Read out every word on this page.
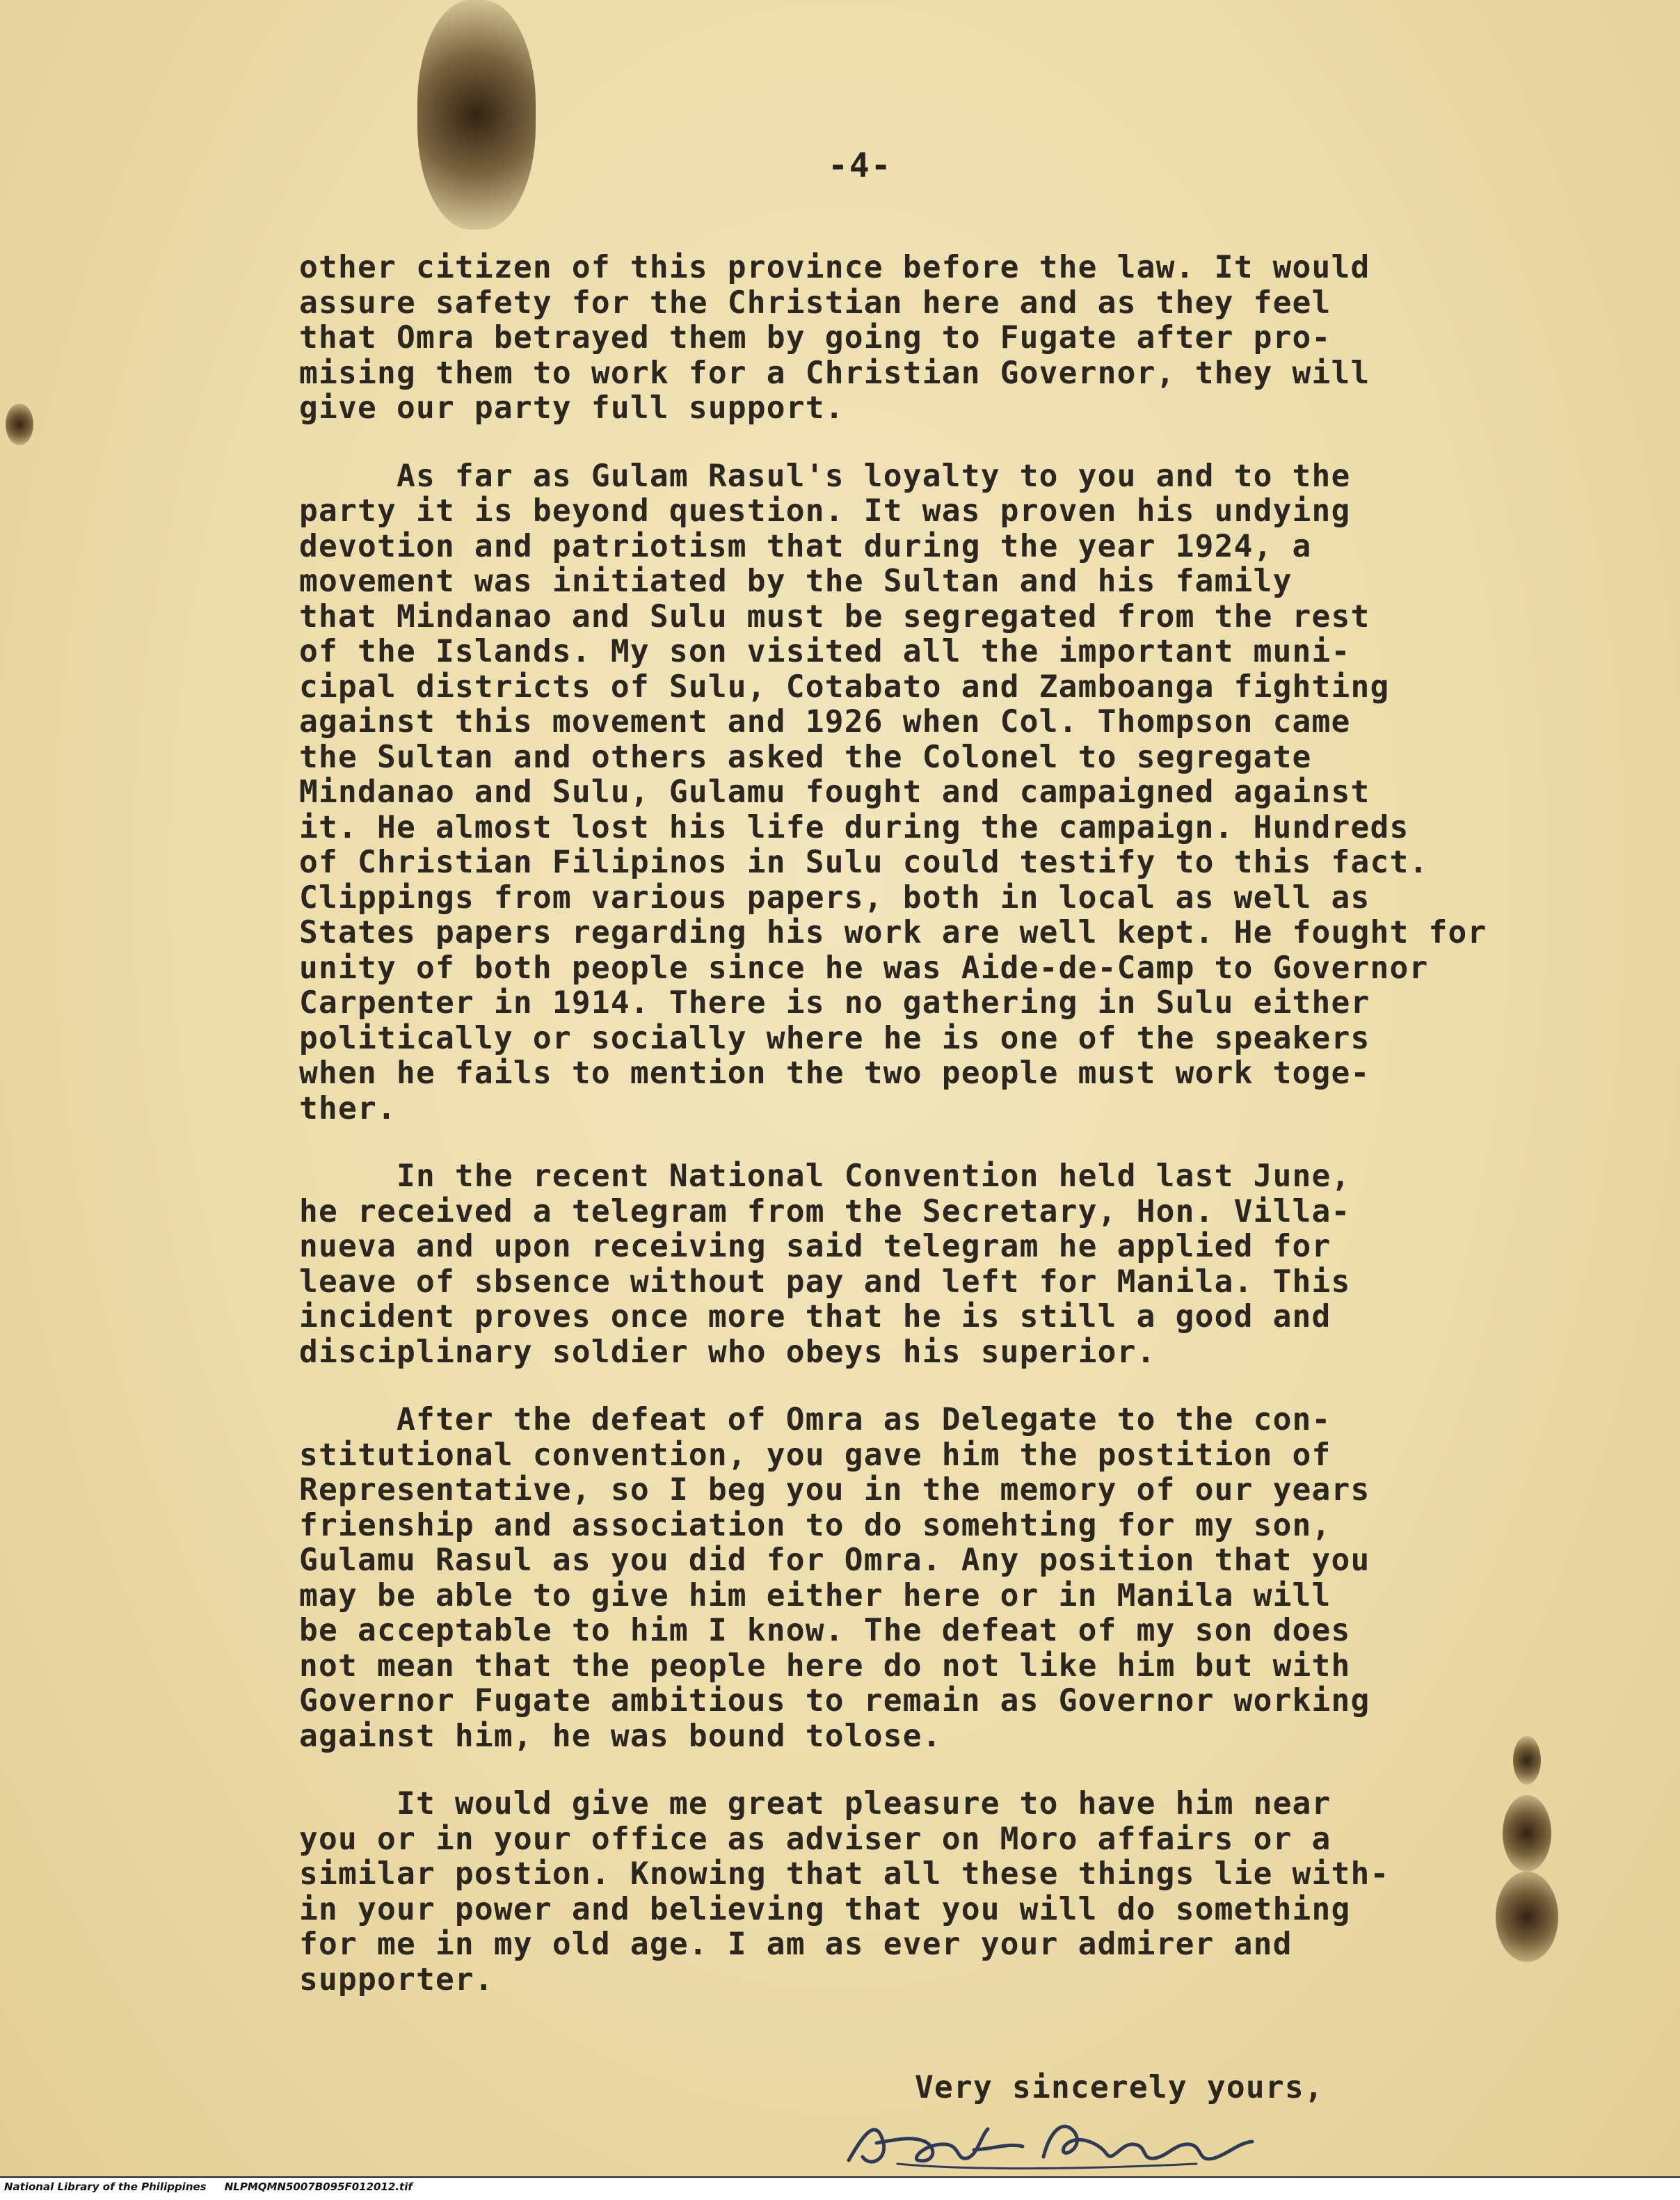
-4-
other citizen of this province before the law. It would
assure safety for the Christian here and as they feel
that Omra betrayed them by going to Fugate after pro-
mising them to work for a Christian Governor, they will
give our party full support.
As far as Gulam Rasul's loyalty to you and to the
party it is beyond question. It was proven his undying
devotion and patriotism that during the year 1924, a
movement was initiated by the Sultan and his family
that Mindanao and Sulu must be segregated from the rest
of the Islands. My son visited all the important muni-
cipal districts of Sulu, Cotabato and Zamboanga fighting
against this movement and 1926 when Col. Thompson came
the Sultan and others asked the Colonel to segregate
Mindanao and Sulu, Gulamu fought and campaigned against
it. He almost lost his life during the campaign. Hundreds
of Christian Filipinos in Sulu could testify to this fact.
Clippings from various papers, both in local as well as
States papers regarding his work are well kept. He fought for
unity of both people since he was Aide-de-Camp to Governor
Carpenter in 1914. There is no gathering in Sulu either
politically or socially where he is one of the speakers
when he fails to mention the two people must work toge-
ther.
In the recent National Convention held last June,
he received a telegram from the Secretary, Hon. Villa-
nueva and upon receiving said telegram he applied for
leave of sbsence without pay and left for Manila. This
incident proves once more that he is still a good and
disciplinary soldier who obeys his superior.
After the defeat of Omra as Delegate to the con-
stitutional convention, you gave him the postition of
Representative, so I beg you in the memory of our years
frienship and association to do somehting for my son,
Gulamu Rasul as you did for Omra. Any position that you
may be able to give him either here or in Manila will
be acceptable to him I know. The defeat of my son does
not mean that the people here do not like him but with
Governor Fugate ambitious to remain as Governor working
against him, he was bound tolose.
It would give me great pleasure to have him near
you or in your office as adviser on Moro affairs or a
similar postion. Knowing that all these things lie with-
in your power and believing that you will do something
for me in my old age. I am as ever your admirer and
supporter.
Very sincerely yours,
National Library of the Philippines     NLPMQMN5007B095F012012.tif
